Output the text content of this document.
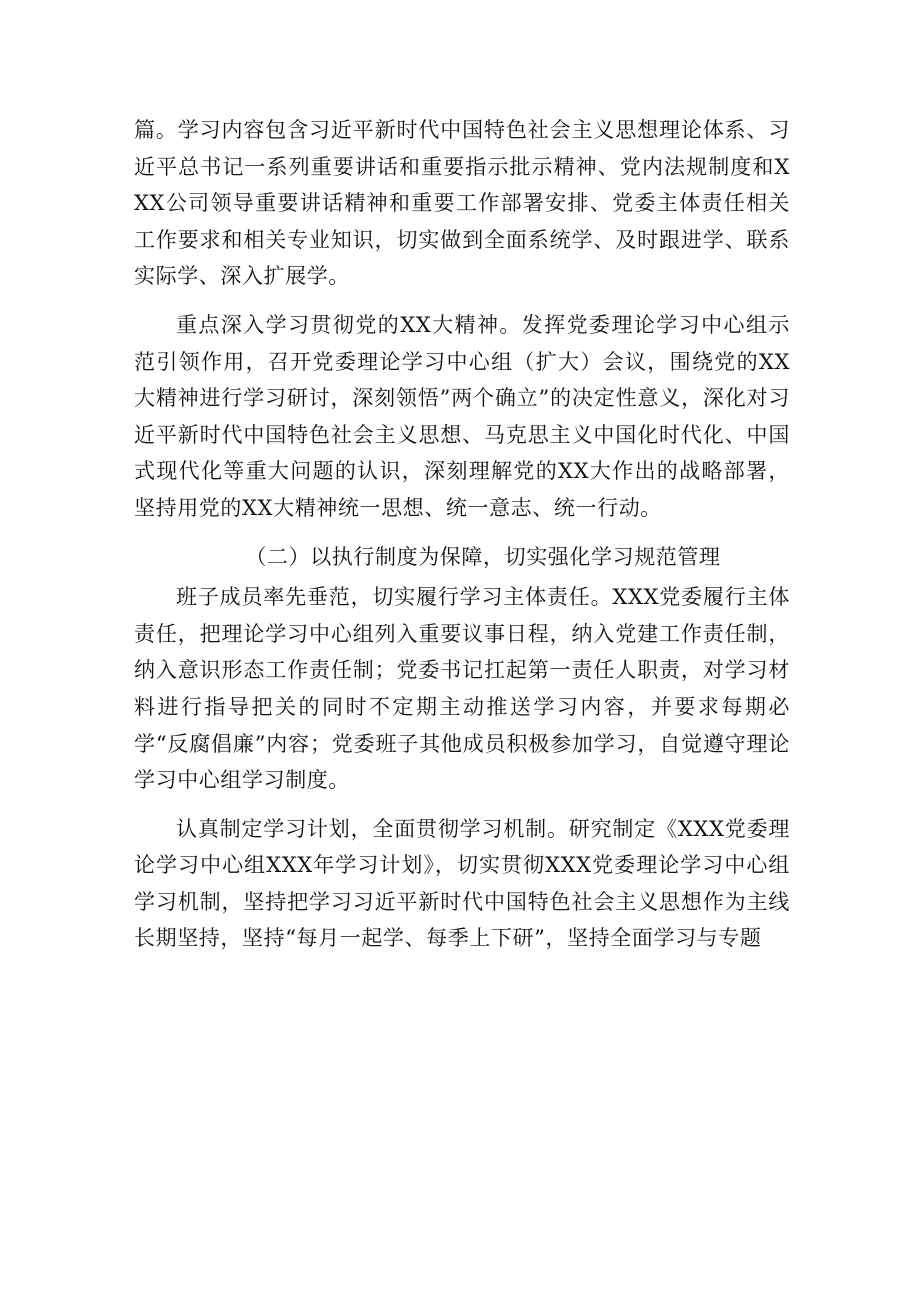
篇。学习内容包含习近平新时代中国特色社会主义思想理论体系、习近平总书记一系列重要讲话和重要指示批示精神、党内法规制度和XXX公司领导重要讲话精神和重要工作部署安排、党委主体责任相关工作要求和相关专业知识，切实做到全面系统学、及时跟进学、联系实际学、深入扩展学。

重点深入学习贯彻党的XX大精神。发挥党委理论学习中心组示范引领作用，召开党委理论学习中心组（扩大）会议，围绕党的XX大精神进行学习研讨，深刻领悟”两个确立”的决定性意义，深化对习近平新时代中国特色社会主义思想、马克思主义中国化时代化、中国式现代化等重大问题的认识，深刻理解党的XX大作出的战略部署，坚持用党的XX大精神统一思想、统一意志、统一行动。

（二）以执行制度为保障，切实强化学习规范管理

班子成员率先垂范，切实履行学习主体责任。XXX党委履行主体责任，把理论学习中心组列入重要议事日程，纳入党建工作责任制，纳入意识形态工作责任制；党委书记扛起第一责任人职责，对学习材料进行指导把关的同时不定期主动推送学习内容，并要求每期必学“反腐倡廉”内容；党委班子其他成员积极参加学习，自觉遵守理论学习中心组学习制度。

认真制定学习计划，全面贯彻学习机制。研究制定《XXX党委理论学习中心组XXX年学习计划》，切实贯彻XXX党委理论学习中心组学习机制，坚持把学习习近平新时代中国特色社会主义思想作为主线长期坚持，坚持“每月一起学、每季上下研”，坚持全面学习与专题
